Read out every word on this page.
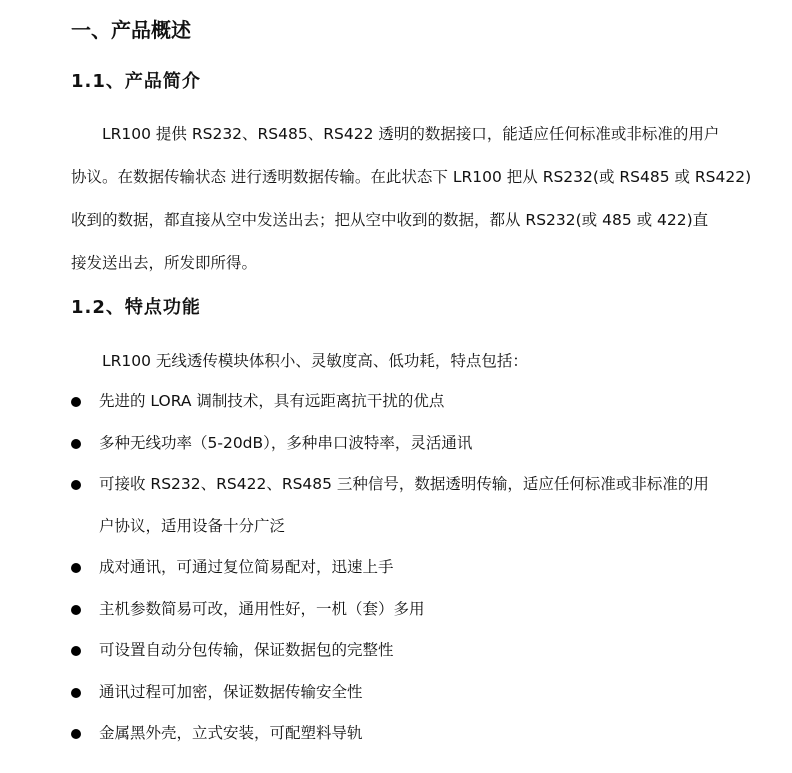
一、产品概述
1.1、产品简介
LR100 提供 RS232、RS485、RS422 透明的数据接口，能适应任何标准或非标准的用户
协议。在数据传输状态 进行透明数据传输。在此状态下 LR100 把从 RS232(或 RS485 或 RS422)
收到的数据，都直接从空中发送出去；把从空中收到的数据，都从 RS232(或 485 或 422)直
接发送出去，所发即所得。
1.2、特点功能
LR100 无线透传模块体积小、灵敏度高、低功耗，特点包括：
先进的 LORA 调制技术，具有远距离抗干扰的优点
多种无线功率（5-20dB），多种串口波特率，灵活通讯
可接收 RS232、RS422、RS485 三种信号，数据透明传输，适应任何标准或非标准的用
户协议，适用设备十分广泛
成对通讯，可通过复位简易配对，迅速上手
主机参数简易可改，通用性好，一机（套）多用
可设置自动分包传输，保证数据包的完整性
通讯过程可加密，保证数据传输安全性
金属黑外壳，立式安装，可配塑料导轨
